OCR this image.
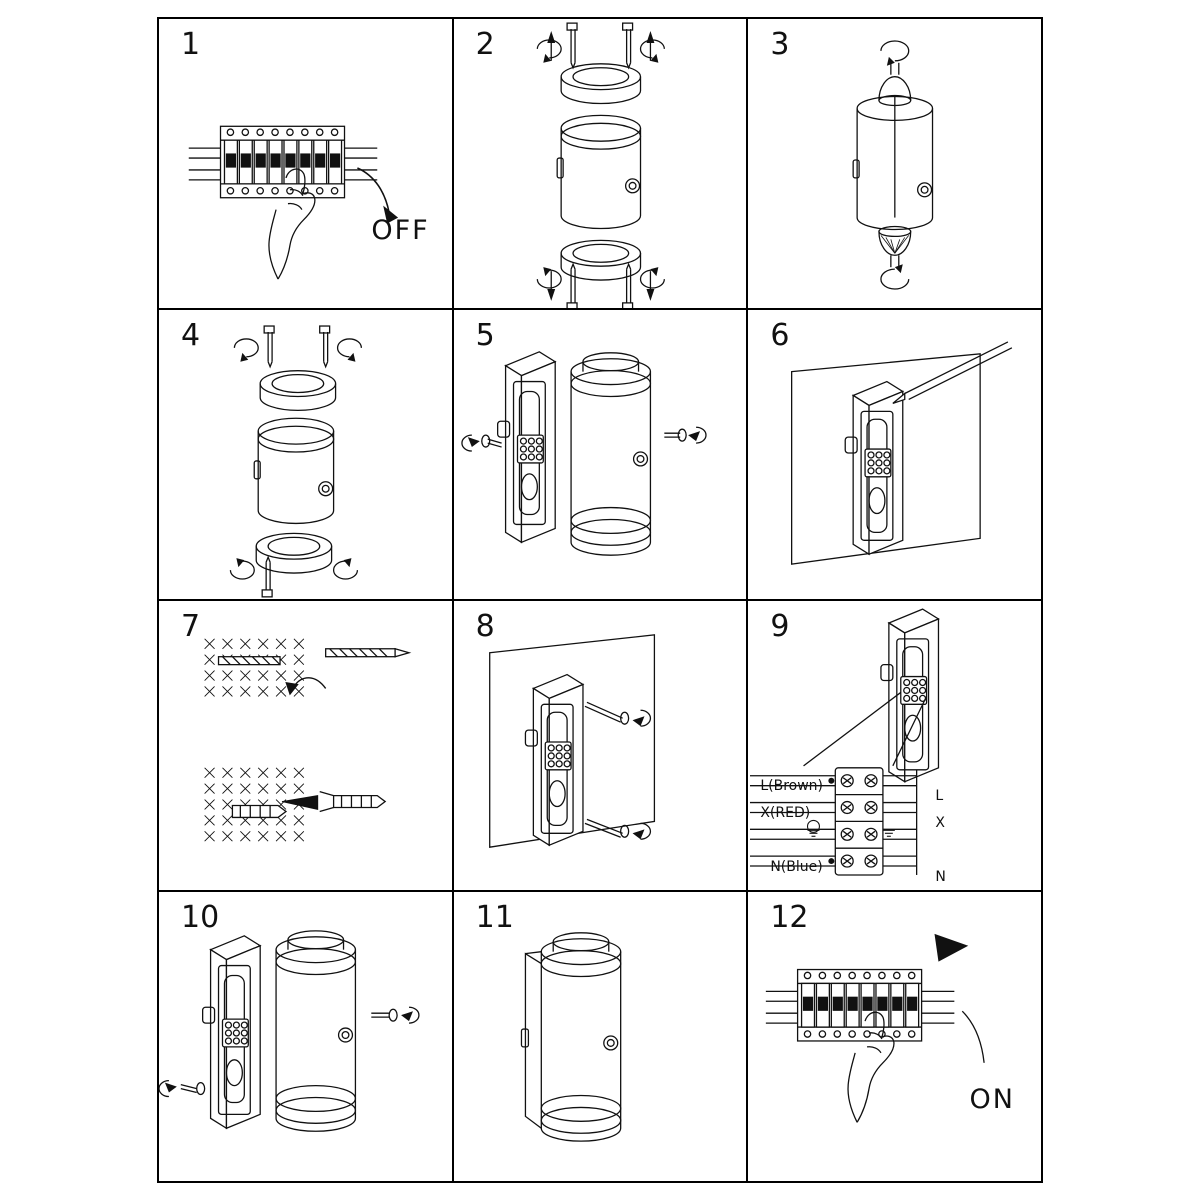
1
OFF
2	3
4	5	6
7	8	9
L(Brown)
X(RED)
N(Blue)
L
X
N
10	11	12
ON
